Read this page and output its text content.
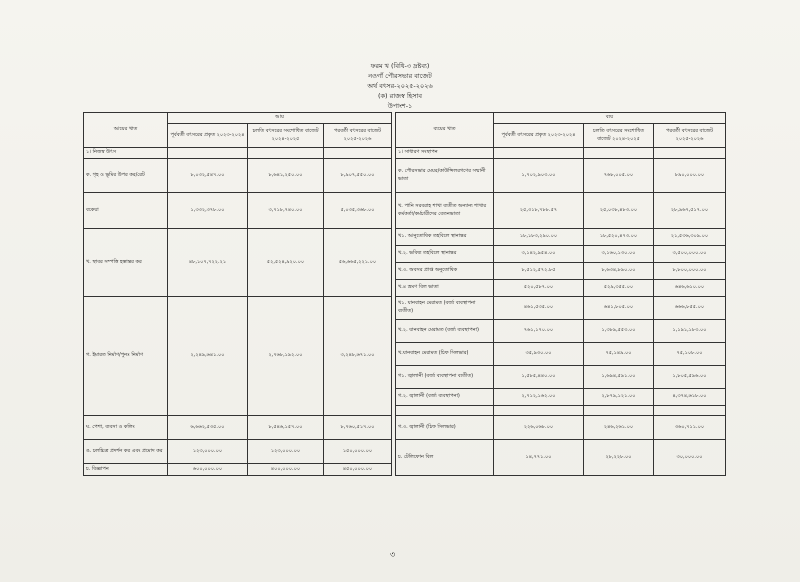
ফরম খ (বিধি-৩ দ্রষ্টব্য)
নওগাঁ পৌরসভার বাজেট
অর্থ বৎসর-২০২৫-২০২৬
(ক) রাজস্ব হিসাব
উপাংশ-১
আয়ের খাত	আয়				ব্যয়ের খাত	ব্যয়		
	পূর্ববর্তী বৎসরের প্রকৃত ২০২৩-২০২৪	চলতি বৎসরের সংশোধিত বাজেট ২০২৪-২০২৫	পরবর্তী বৎসরের বাজেট ২০২৫-২০২৬			পূর্ববর্তী বৎসরের প্রকৃত ২০২৩-২০২৪	চলতি বৎসরের সংশোধিত বাজেট ২০২৪-২০২৫	পরবর্তী বৎসরের বাজেট ২০২৫-২০২৬
১। নিজস্ব উৎস					১। সাধারণ সংস্থাপন			
ক. গৃহ ও ভূমির উপর কর/রেট	৮,০৩২,৫৪৭.০০	৮,৬৪১,২৫০.০০	৮,৯০৭,৫৫০.০০		ক. পৌরসভার মেয়র/কাউন্সিলরগণের সম্মানী ভাতা	১,৭০২,৯০৩.০০	৭৬৮,০০৫.০০	৮৯০,০০০.০০
বকেয়া	১,৩৩২,৩৭৮.০০	৩,৭১৮,৭৪০.০০	৫,০৩৫,৩৬৮.০০		খ. পানি সরবরাহ শাখা ব্যতীত অন্যান্য শাখার কর্মকর্তা/কর্মচারীদের বেতনভাতা	২৫,৩১৮,৭৮৮.৫৭	২৫,০৩৮,৪৮৩.০০	২৮,৯৬৭,৫১৭.০০
খ. স্থাবর সম্পত্তি হস্তান্তর কর	৪৮,১০৭,৭২২.২১	৫২,৫২৪,৯২০.০০	৫৬,৬৬৫,২২১.০০		খ১. আনুতোষিক তহবিলে স্থানান্তর	১৮,১৮৩,২৯০.০০	১৮,৫২০,৪৭৩.০০	২১,৫৩৬,৩০৯.০০
					খ.২. ভবিষ্য তহবিলে স্থানান্তর	৩,১৪২,৯৫৪.০০	৩,১৬০,১৩০.০০	৩,৫০০,০০০.০০
					খ.৩. অবসর প্রাপ্ত অনুতোষিক	৮,৫১২,৫৭২.৮৫	৮,৬৩৪,৮৯০.০০	৮,৮০০,০০০.০০
					খ.৪ ভ্রমণ বিল ভাতা	৫২০,৫৮৭.০০	৫২৯,৩৫৫.০০	৬৪৬,৬১০.০০
গ. ইমারত নির্মাণ/পুনঃ নির্মাণ	২,২৪৯,৬৪১.০০	২,৭৬৮,১৯২.০০	৩,২৪৮,৬৭১.০০		খ১. যানবাহন মেরামত (বর্জ্য ব্যবস্থাপনা ব্যতীত)	৪৬১,৫৩৫.০০	৬৪১,৮০৫.০০	৬৬৬,৮৫৫.০০
					খ.২. যানবাহন মেরামত (বর্জ্য ব্যবস্থাপনা)	৭৬১,১৭০.০০	১,৩৮৯,৫৫৩.০০	১,১৯১,১৮৩.০০
					খ.যানবাহন মেরামত (চিফ সিলভার)	৩৫,৯৩০.০০	৭৫,১৪৯.০০	৭৫,১০৮.০০
					গ১. জ্বালানী (বর্জ্য ব্যবস্থাপনা ব্যতীত)	১,৫৮৫,৪৪০.০০	১,৬৯৪,৫৯১.০০	১,৮০৫,৫৯৬.০০
					গ.২. জ্বালানী (বর্জ্য ব্যবস্থাপনা)	২,৭১২,১৬২.০০	২,৮৭৯,১২১.০০	৪,৩৭৪,৬১৮.০০

ঘ. পেশা, ব্যবসা ও কলিং	৬,৬৬২,৫৩৫.০০	৮,৫৪৬,১৫৭.০০	৮,৭৬০,৫১৭.০০		গ.৩. জ্বালানী (চিফ সিলভার)	২২৬,০৬৮.০০	২৪৬,২৬১.০০	৩৬০,৭১১.০০
ঙ. চলচ্চিত্র প্রদর্শন কর এবং প্রমোদ কর	১২৩,০০০.০০	১২৩,০০০.০০	১৫০,০০০.০০		চ. টেলিফোন বিল	১৪,৭৭১.০০	২৮,২২৮.০০	৩০,০০০.০০
চ. বিজ্ঞাপন	৬০০,০০০.০০	৪০০,০০০.০০	৪৫০,০০০.০০					
৩
